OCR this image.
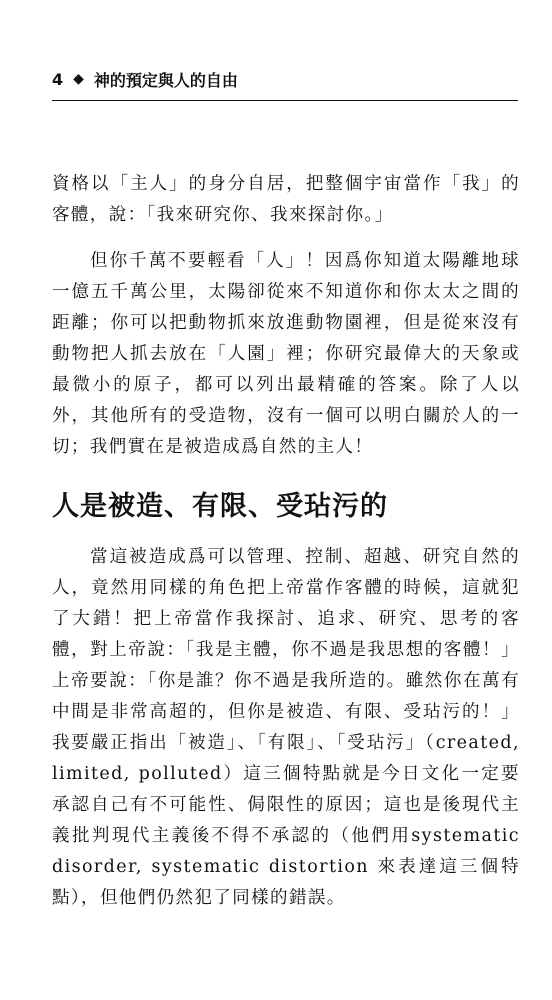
4 ◆ 神的預定與人的自由

資格以「主人」的身分自居，把整個宇宙當作「我」的客體，說：「我來研究你、我來探討你。」

但你千萬不要輕看「人」！因爲你知道太陽離地球一億五千萬公里，太陽卻從來不知道你和你太太之間的距離；你可以把動物抓來放進動物園裡，但是從來沒有動物把人抓去放在「人園」裡；你研究最偉大的天象或最微小的原子，都可以列出最精確的答案。除了人以外，其他所有的受造物，沒有一個可以明白關於人的一切；我們實在是被造成爲自然的主人！

人是被造、有限、受玷污的

當這被造成爲可以管理、控制、超越、研究自然的人，竟然用同樣的角色把上帝當作客體的時候，這就犯了大錯！把上帝當作我探討、追求、研究、思考的客體，對上帝說：「我是主體，你不過是我思想的客體！」上帝要說：「你是誰？你不過是我所造的。雖然你在萬有中間是非常高超的，但你是被造、有限、受玷污的！」我要嚴正指出「被造」、「有限」、「受玷污」（created, limited, polluted）這三個特點就是今日文化一定要承認自己有不可能性、侷限性的原因；這也是後現代主義批判現代主義後不得不承認的（他們用systematic disorder, systematic distortion 來表達這三個特點），但他們仍然犯了同樣的錯誤。
